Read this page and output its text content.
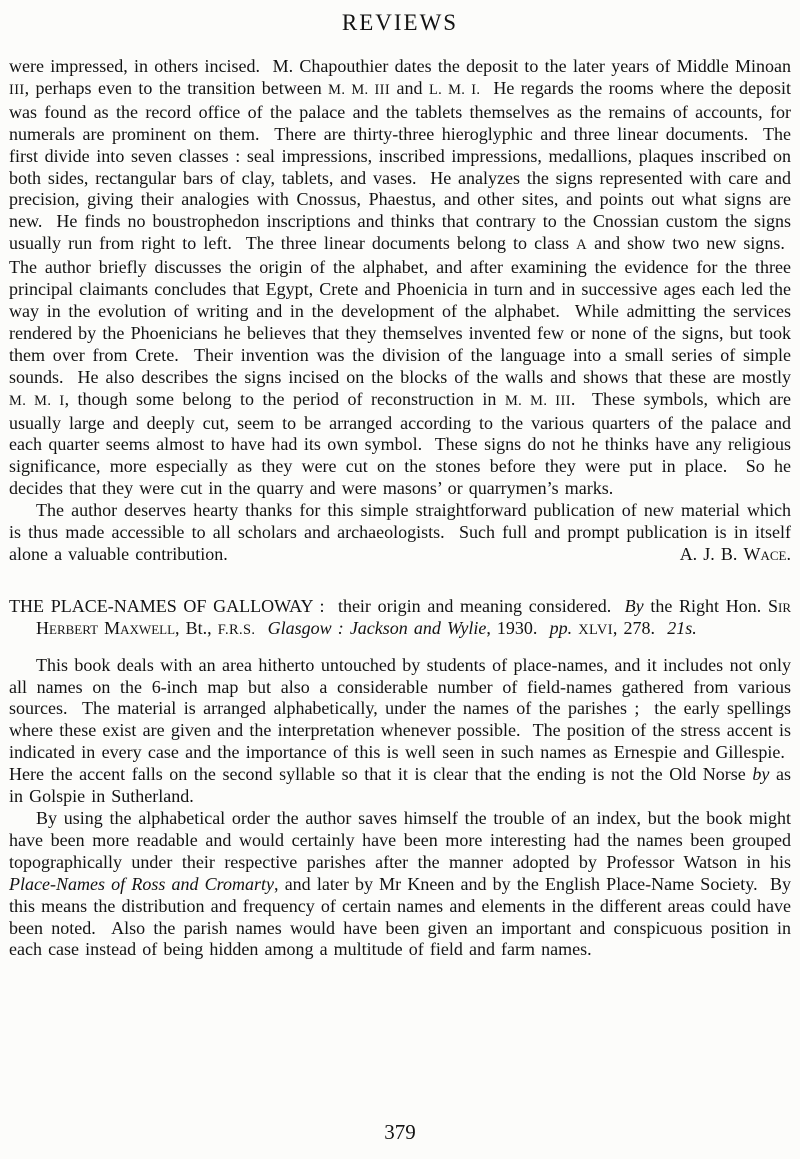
REVIEWS

were impressed, in others incised.  M. Chapouthier dates the deposit to the later years of Middle Minoan III, perhaps even to the transition between M. M. III and L. M. I.  He regards the rooms where the deposit was found as the record office of the palace and the tablets themselves as the remains of accounts, for numerals are prominent on them.  There are thirty-three hieroglyphic and three linear documents.  The first divide into seven classes : seal impressions, inscribed impressions, medallions, plaques inscribed on both sides, rectangular bars of clay, tablets, and vases.  He analyzes the signs represented with care and precision, giving their analogies with Cnossus, Phaestus, and other sites, and points out what signs are new.  He finds no boustrophedon inscriptions and thinks that contrary to the Cnossian custom the signs usually run from right to left.  The three linear documents belong to class A and show two new signs.  The author briefly discusses the origin of the alphabet, and after examining the evidence for the three principal claimants concludes that Egypt, Crete and Phoenicia in turn and in successive ages each led the way in the evolution of writing and in the development of the alphabet.  While admitting the services rendered by the Phoenicians he believes that they themselves invented few or none of the signs, but took them over from Crete.  Their invention was the division of the language into a small series of simple sounds.  He also describes the signs incised on the blocks of the walls and shows that these are mostly M. M. I, though some belong to the period of reconstruction in M. M. III.  These symbols, which are usually large and deeply cut, seem to be arranged according to the various quarters of the palace and each quarter seems almost to have had its own symbol.  These signs do not he thinks have any religious significance, more especially as they were cut on the stones before they were put in place.  So he decides that they were cut in the quarry and were masons’ or quarrymen’s marks.

The author deserves hearty thanks for this simple straightforward publication of new material which is thus made accessible to all scholars and archaeologists.  Such full and prompt publication is in itself alone a valuable contribution.	A. J. B. Wace.

THE PLACE-NAMES OF GALLOWAY :  their origin and meaning considered.  By the Right Hon. Sir Herbert Maxwell, Bt., F.R.S. Glasgow : Jackson and Wylie, 1930.  pp. XLVI, 278.  21s.

This book deals with an area hitherto untouched by students of place-names, and it includes not only all names on the 6-inch map but also a considerable number of field-names gathered from various sources.  The material is arranged alphabetically, under the names of the parishes ;  the early spellings where these exist are given and the interpretation whenever possible.  The position of the stress accent is indicated in every case and the importance of this is well seen in such names as Ernespie and Gillespie.  Here the accent falls on the second syllable so that it is clear that the ending is not the Old Norse by as in Golspie in Sutherland.

By using the alphabetical order the author saves himself the trouble of an index, but the book might have been more readable and would certainly have been more interesting had the names been grouped topographically under their respective parishes after the manner adopted by Professor Watson in his Place-Names of Ross and Cromarty, and later by Mr Kneen and by the English Place-Name Society.  By this means the distribution and frequency of certain names and elements in the different areas could have been noted.  Also the parish names would have been given an important and conspicuous position in each case instead of being hidden among a multitude of field and farm names.

379
